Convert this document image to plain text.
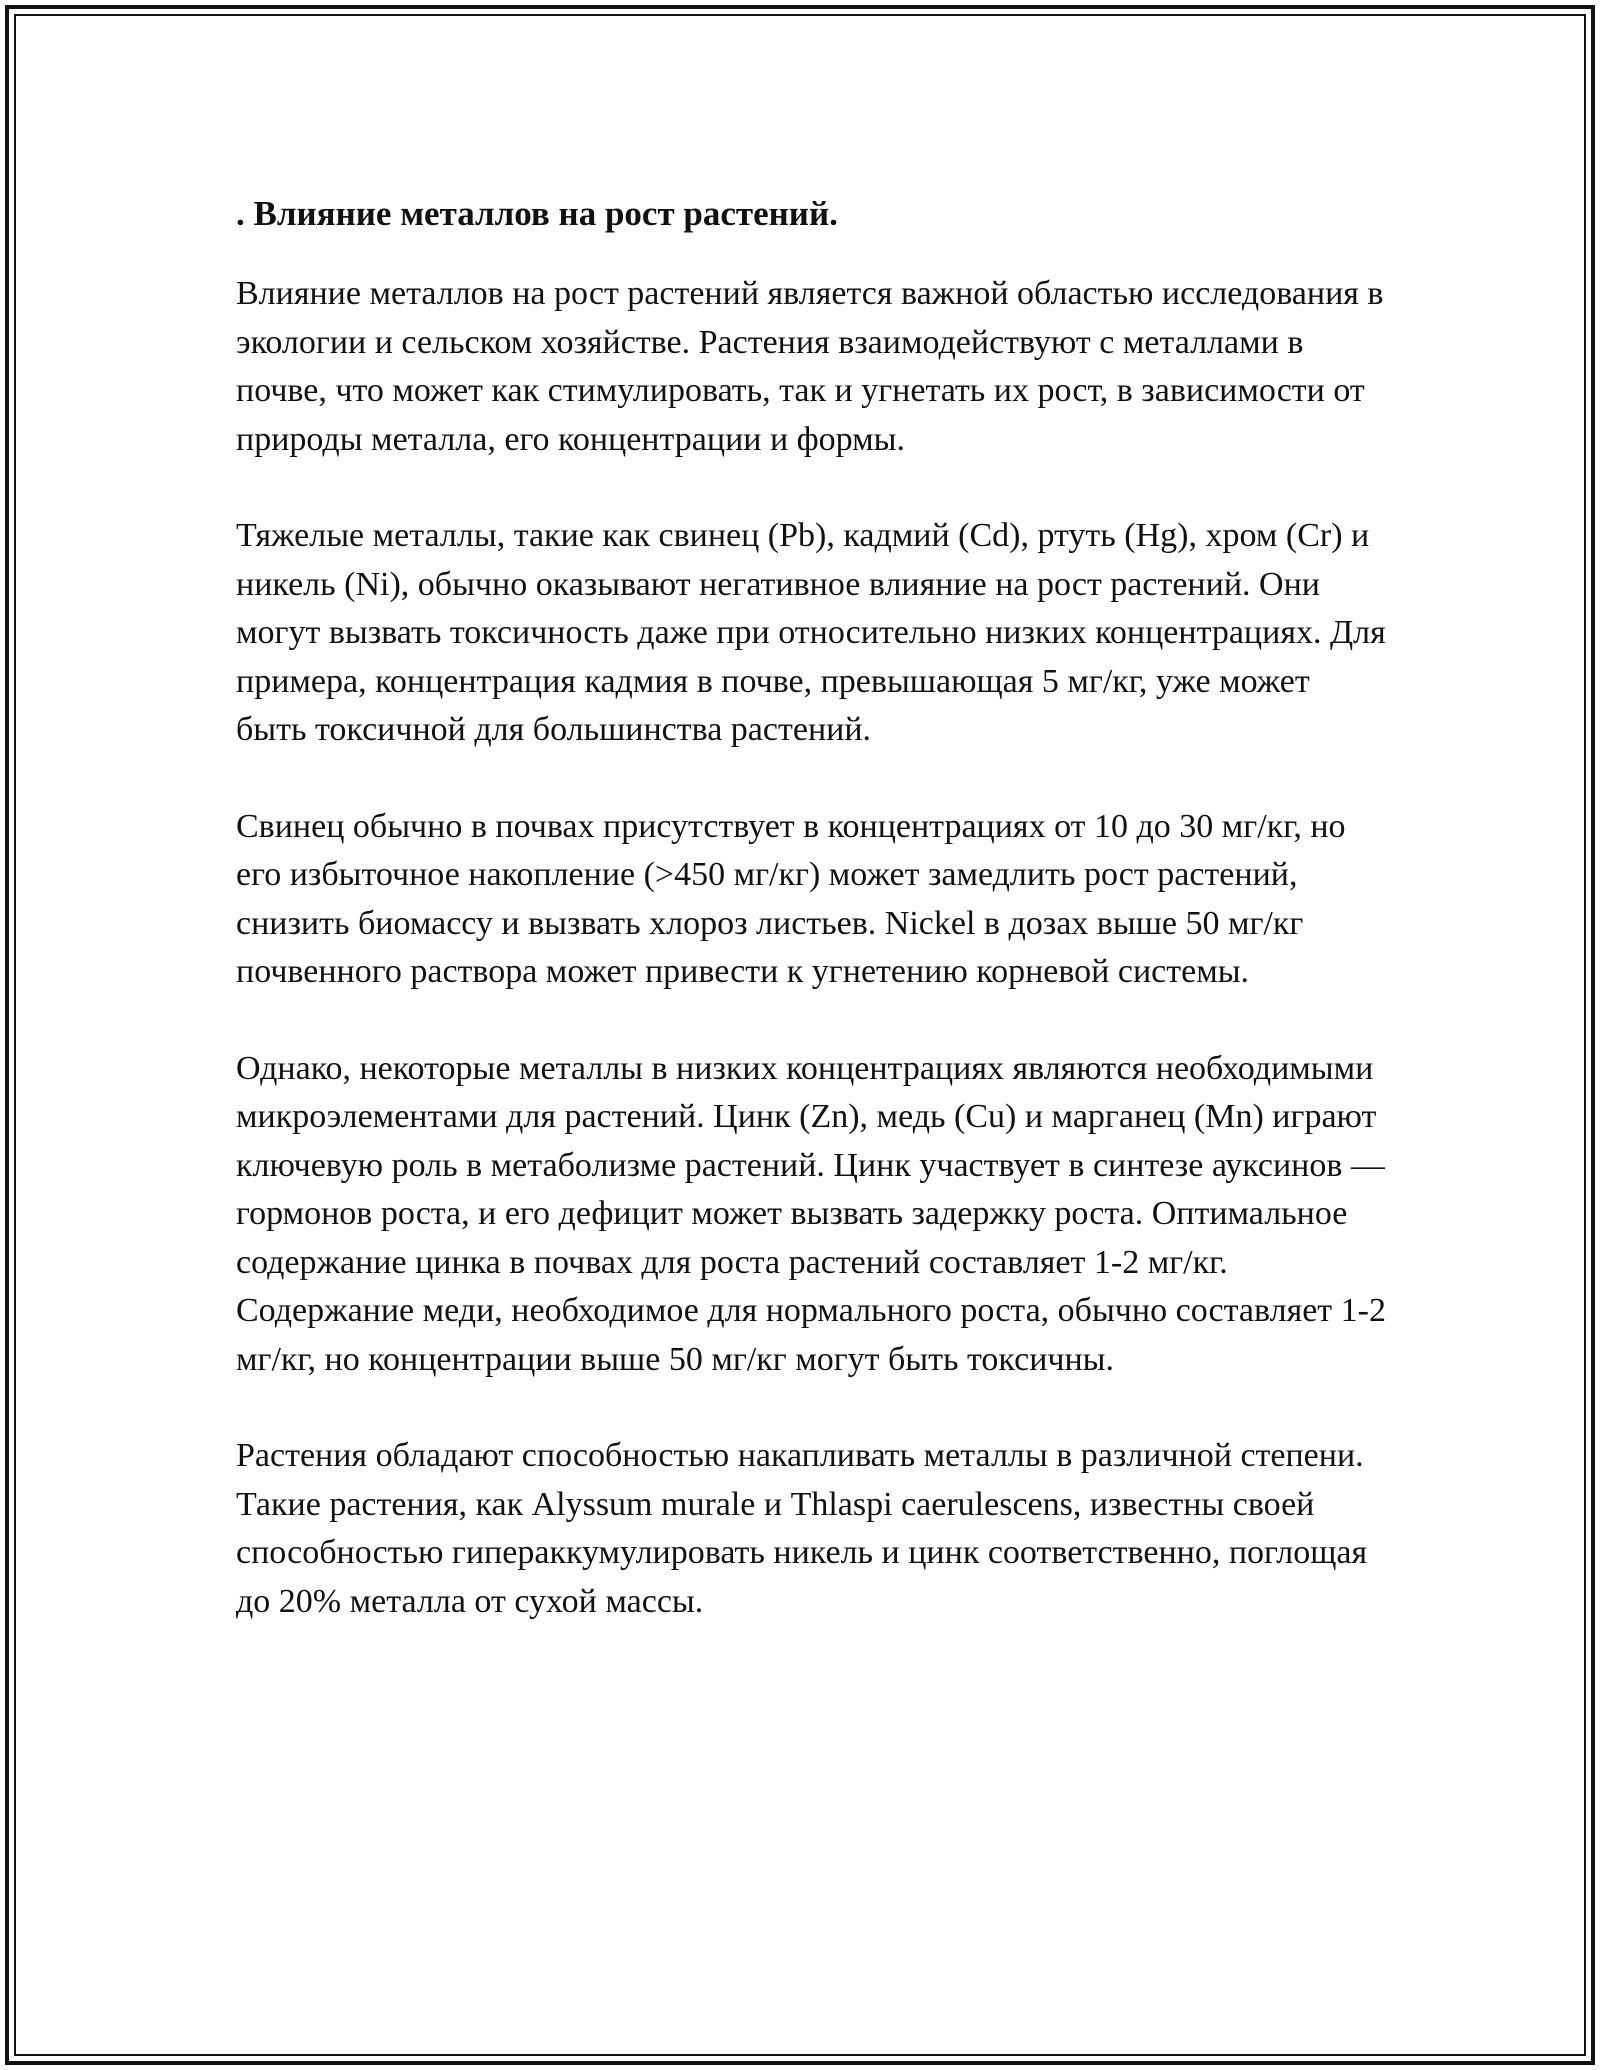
. Влияние металлов на рост растений.

Влияние металлов на рост растений является важной областью исследования в экологии и сельском хозяйстве. Растения взаимодействуют с металлами в почве, что может как стимулировать, так и угнетать их рост, в зависимости от природы металла, его концентрации и формы.

Тяжелые металлы, такие как свинец (Pb), кадмий (Cd), ртуть (Hg), хром (Cr) и никель (Ni), обычно оказывают негативное влияние на рост растений. Они могут вызвать токсичность даже при относительно низких концентрациях. Для примера, концентрация кадмия в почве, превышающая 5 мг/кг, уже может быть токсичной для большинства растений.

Свинец обычно в почвах присутствует в концентрациях от 10 до 30 мг/кг, но его избыточное накопление (>450 мг/кг) может замедлить рост растений, снизить биомассу и вызвать хлороз листьев. Nickel в дозах выше 50 мг/кг почвенного раствора может привести к угнетению корневой системы.

Однако, некоторые металлы в низких концентрациях являются необходимыми микроэлементами для растений. Цинк (Zn), медь (Cu) и марганец (Mn) играют ключевую роль в метаболизме растений. Цинк участвует в синтезе ауксинов — гормонов роста, и его дефицит может вызвать задержку роста. Оптимальное содержание цинка в почвах для роста растений составляет 1-2 мг/кг. Содержание меди, необходимое для нормального роста, обычно составляет 1-2 мг/кг, но концентрации выше 50 мг/кг могут быть токсичны.

Растения обладают способностью накапливать металлы в различной степени. Такие растения, как Alyssum murale и Thlaspi caerulescens, известны своей способностью гипераккумулировать никель и цинк соответственно, поглощая до 20% металла от сухой массы.
